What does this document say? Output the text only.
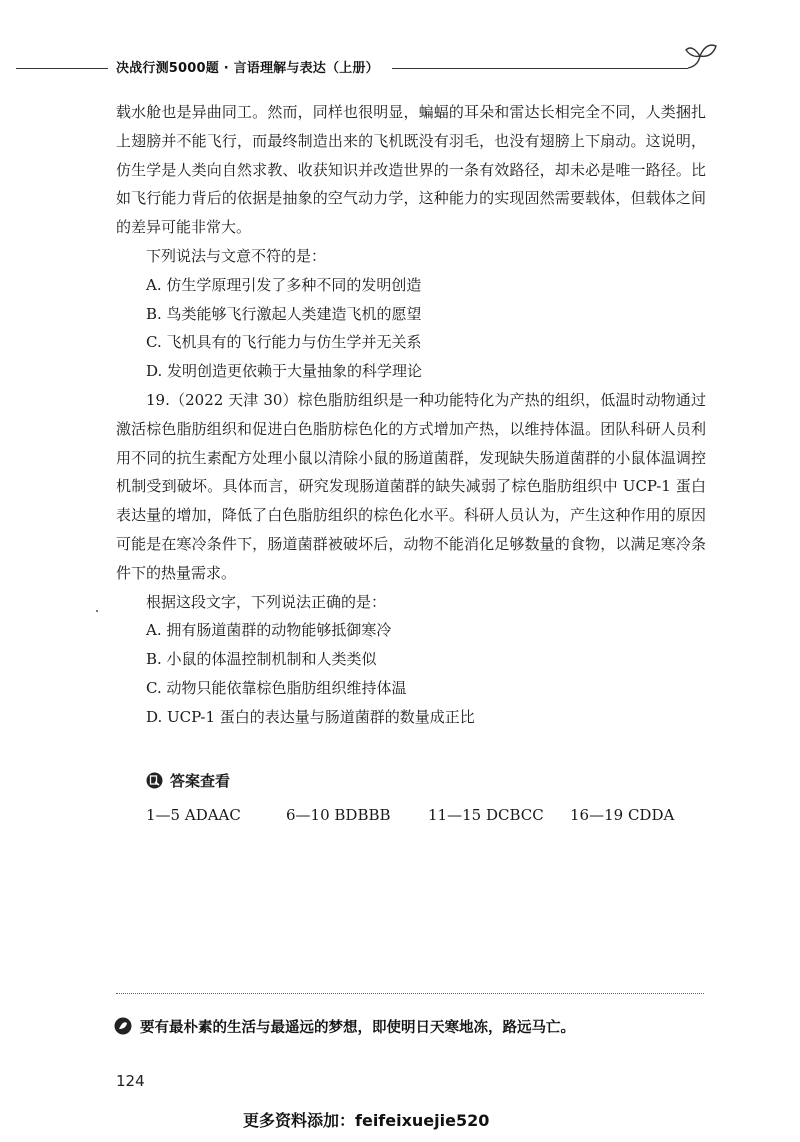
决战行测5000题 · 言语理解与表达（上册）

载水舱也是异曲同工。然而，同样也很明显，蝙蝠的耳朵和雷达长相完全不同，人类捆扎上翅膀并不能飞行，而最终制造出来的飞机既没有羽毛，也没有翅膀上下扇动。这说明，仿生学是人类向自然求教、收获知识并改造世界的一条有效路径，却未必是唯一路径。比如飞行能力背后的依据是抽象的空气动力学，这种能力的实现固然需要载体，但载体之间的差异可能非常大。

下列说法与文意不符的是：

A. 仿生学原理引发了多种不同的发明创造

B. 鸟类能够飞行激起人类建造飞机的愿望

C. 飞机具有的飞行能力与仿生学并无关系

D. 发明创造更依赖于大量抽象的科学理论

19.（2022 天津 30）棕色脂肪组织是一种功能特化为产热的组织，低温时动物通过激活棕色脂肪组织和促进白色脂肪棕色化的方式增加产热，以维持体温。团队科研人员利用不同的抗生素配方处理小鼠以清除小鼠的肠道菌群，发现缺失肠道菌群的小鼠体温调控机制受到破坏。具体而言，研究发现肠道菌群的缺失减弱了棕色脂肪组织中 UCP-1 蛋白表达量的增加，降低了白色脂肪组织的棕色化水平。科研人员认为，产生这种作用的原因可能是在寒冷条件下，肠道菌群被破坏后，动物不能消化足够数量的食物，以满足寒冷条件下的热量需求。

根据这段文字，下列说法正确的是：

A. 拥有肠道菌群的动物能够抵御寒冷

B. 小鼠的体温控制机制和人类类似

C. 动物只能依靠棕色脂肪组织维持体温

D. UCP-1 蛋白的表达量与肠道菌群的数量成正比

答案查看
1—5 ADAAC	6—10 BDBBB 11—15 DCBCC 16—19 CDDA
要有最朴素的生活与最遥远的梦想，即使明日天寒地冻，路远马亡。
124
更多资料添加：feifeixuejie520
